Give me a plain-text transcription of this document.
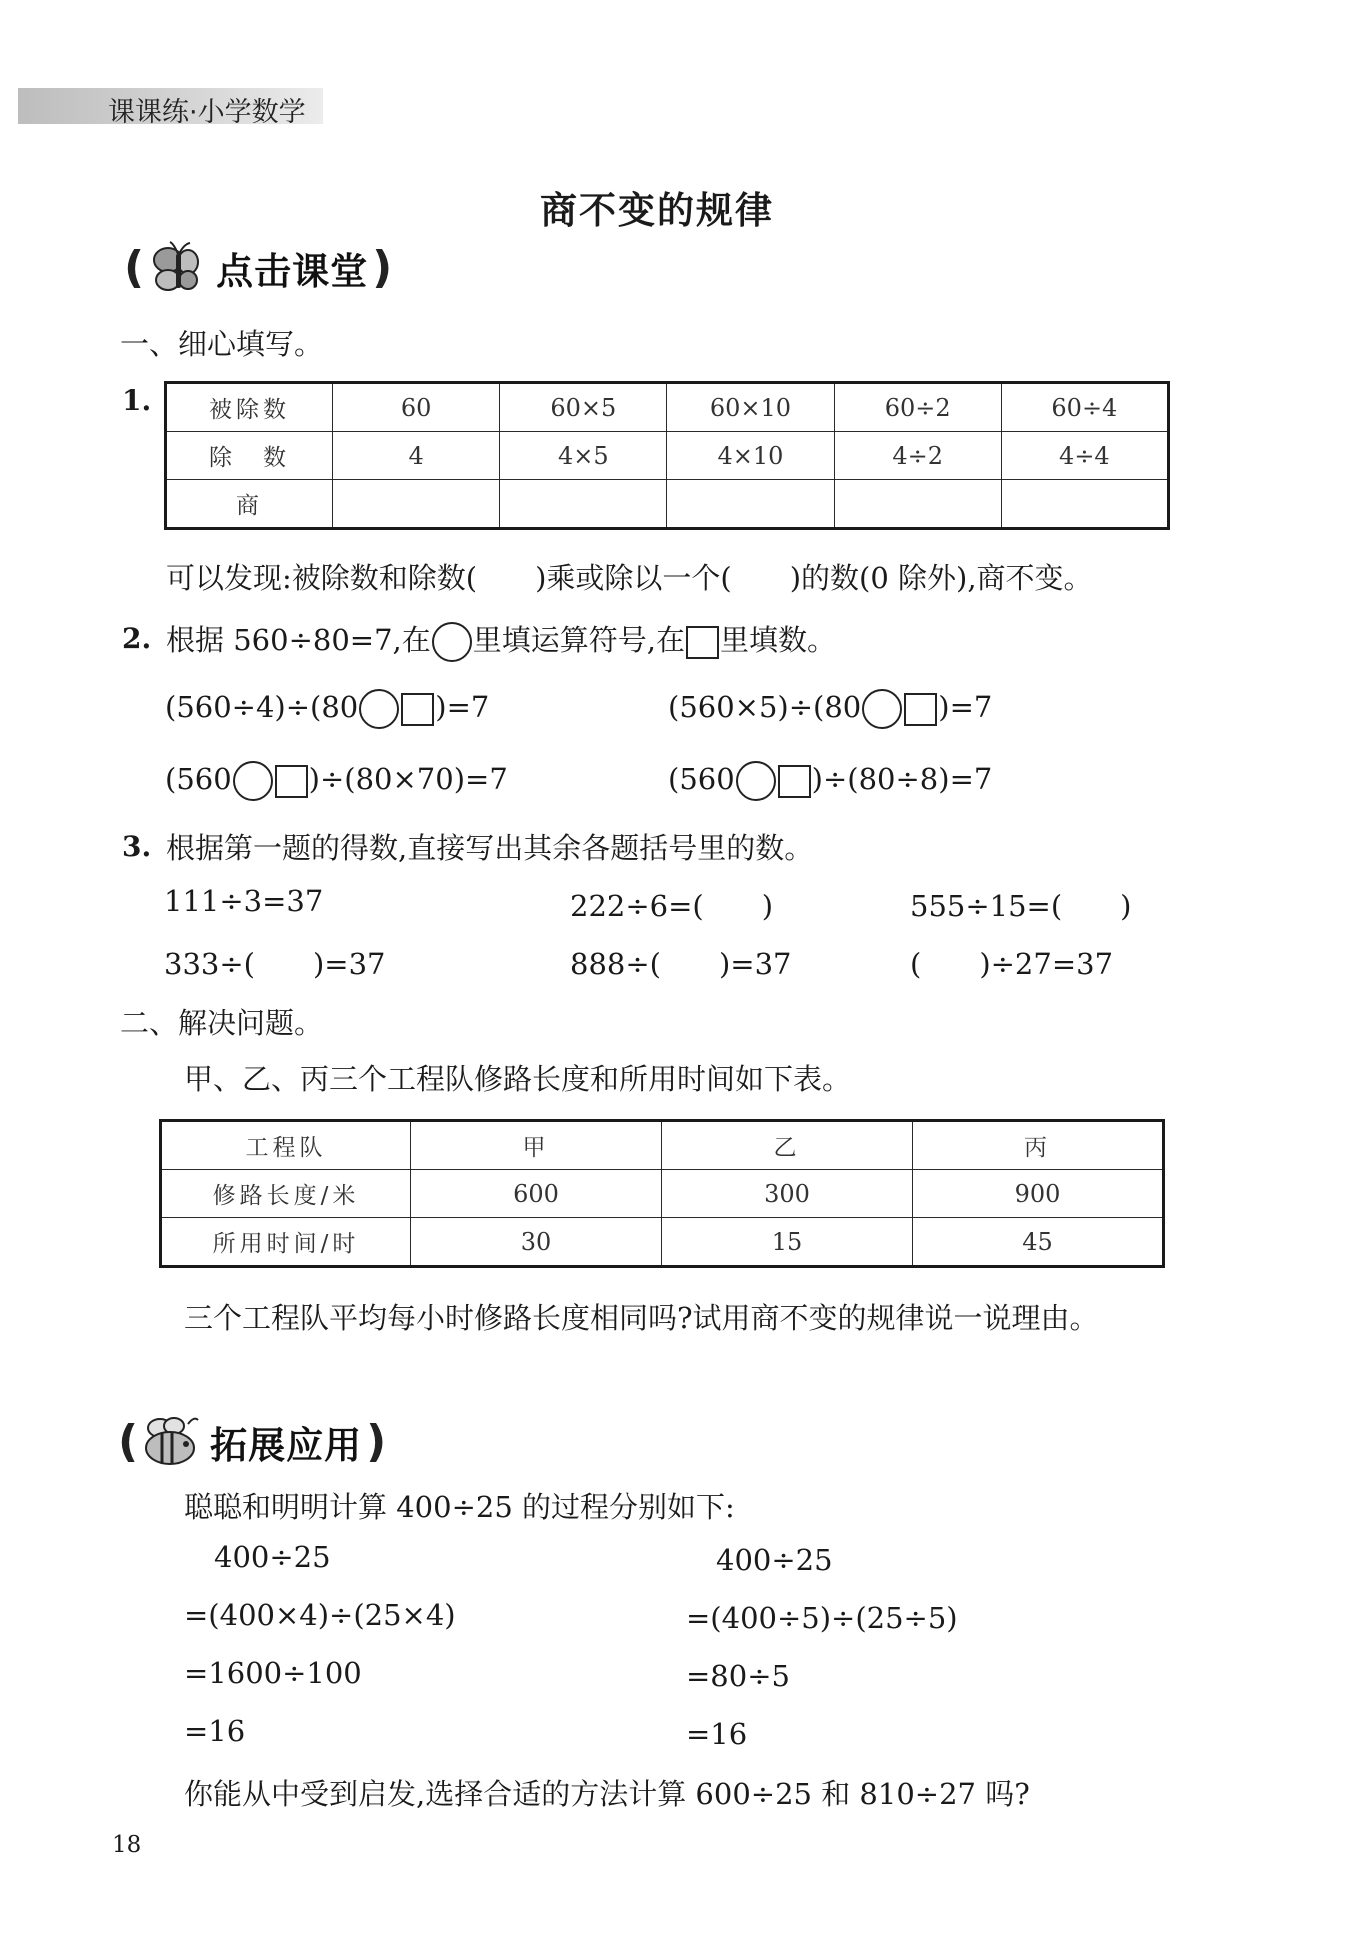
课课练·小学数学
商不变的规律
( 点击课堂 )
一、细心填写。
1.	被除数	60	60×5	60×10	60÷2	60÷4
除　数	4	4×5	4×10	4÷2	4÷4
商					
可以发现:被除数和除数(　　)乘或除以一个(　　)的数(0 除外),商不变。
2. 根据 560÷80=7,在 里填运算符号,在 里填数。
(560÷4)÷(80	)=7	(560×5)÷(80	)=7
(560	)÷(80×70)=7	(560	)÷(80÷8)=7
3. 根据第一题的得数,直接写出其余各题括号里的数。
111÷3=37	222÷6=(　　)	555÷15=(　　)
333÷(　　)=37	888÷(　　)=37	(　　)÷27=37
二、解决问题。
甲、乙、丙三个工程队修路长度和所用时间如下表。
工程队	甲	乙	丙
修路长度/米	600	300	900
所用时间/时	30	15	45
三个工程队平均每小时修路长度相同吗?试用商不变的规律说一说理由。
( 拓展应用 )
聪聪和明明计算 400÷25 的过程分别如下:
400÷25
=(400×4)÷(25×4)
=1600÷100
=16
400÷25
=(400÷5)÷(25÷5)
=80÷5
=16
你能从中受到启发,选择合适的方法计算 600÷25 和 810÷27 吗?
18
